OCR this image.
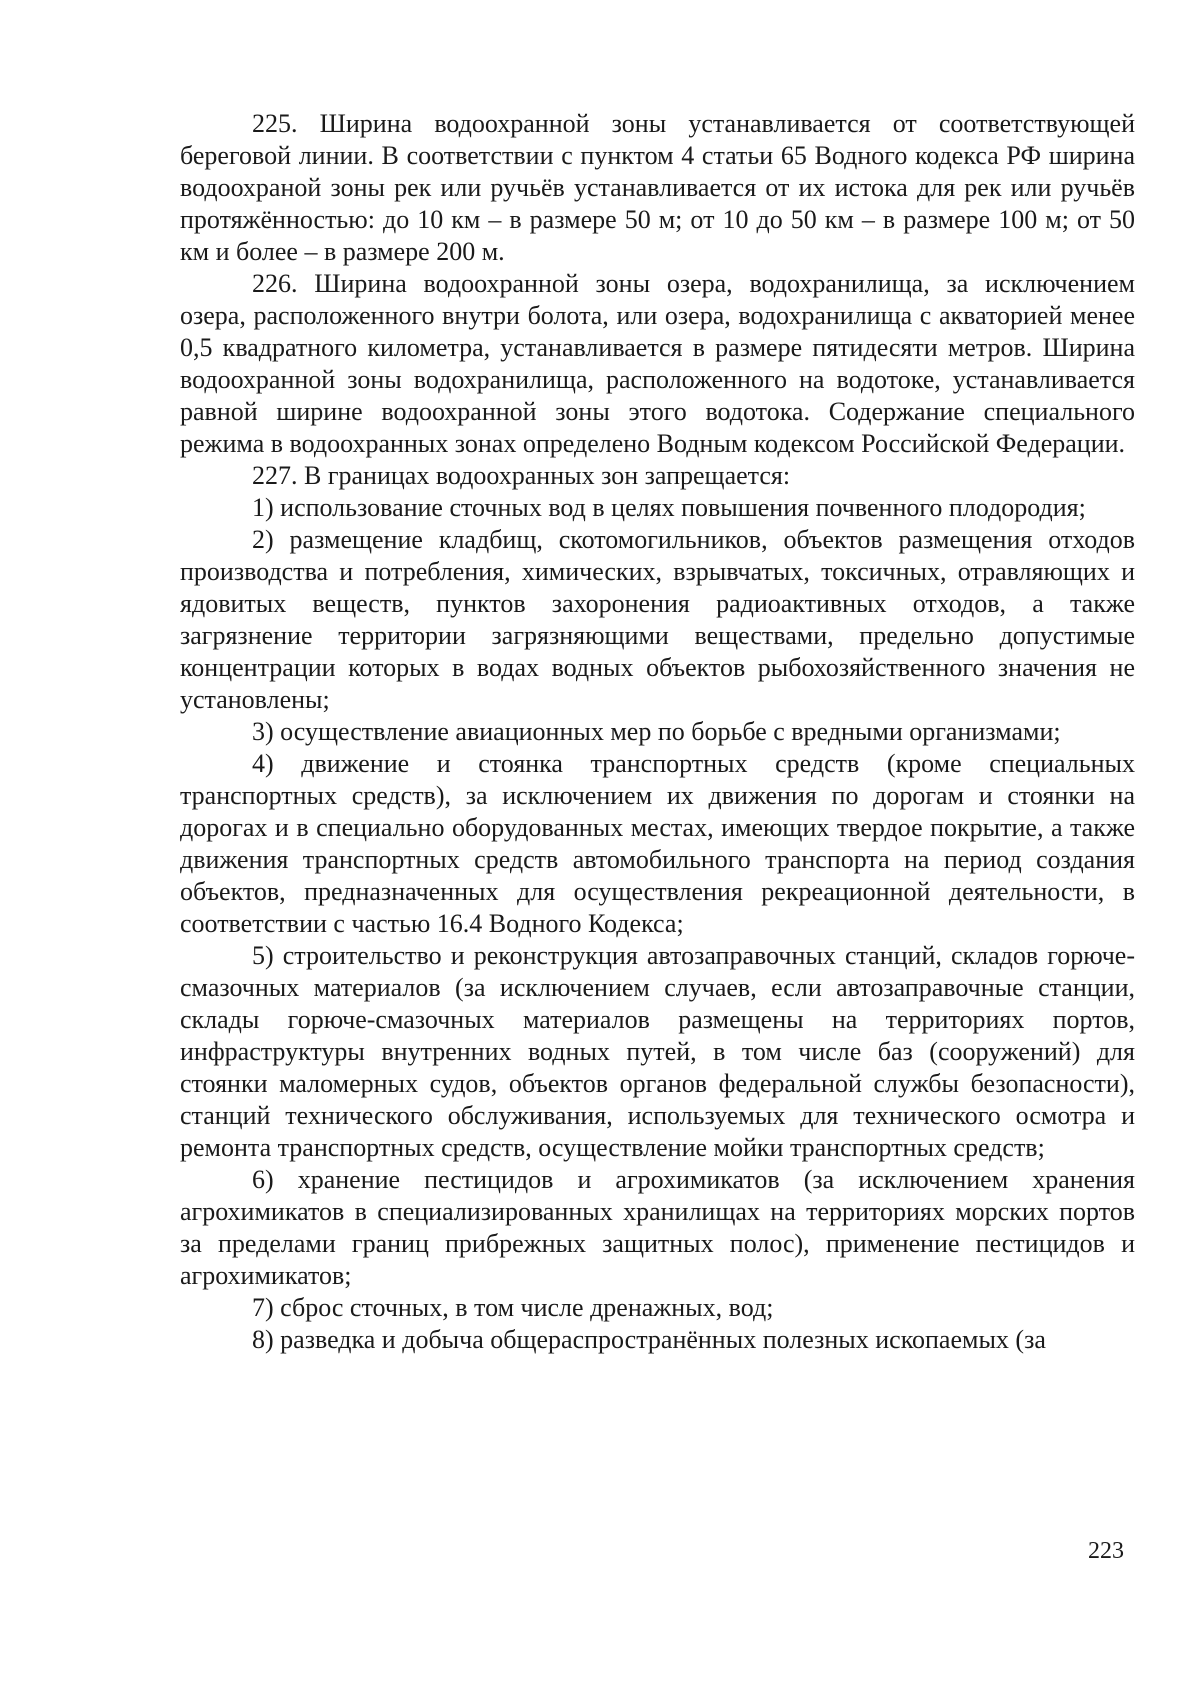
225. Ширина водоохранной зоны устанавливается от соответствующей береговой линии. В соответствии с пунктом 4 статьи 65 Водного кодекса РФ ширина водоохраной зоны рек или ручьёв устанавливается от их истока для рек или ручьёв протяжённостью: до 10 км – в размере 50 м; от 10 до 50 км – в размере 100 м; от 50 км и более – в размере 200 м.

226. Ширина водоохранной зоны озера, водохранилища, за исключением озера, расположенного внутри болота, или озера, водохранилища с акваторией менее 0,5 квадратного километра, устанавливается в размере пятидесяти метров. Ширина водоохранной зоны водохранилища, расположенного на водотоке, устанавливается равной ширине водоохранной зоны этого водотока. Содержание специального режима в водоохранных зонах определено Водным кодексом Российской Федерации.

227. В границах водоохранных зон запрещается:

1) использование сточных вод в целях повышения почвенного плодородия;

2) размещение кладбищ, скотомогильников, объектов размещения отходов производства и потребления, химических, взрывчатых, токсичных, отравляющих и ядовитых веществ, пунктов захоронения радиоактивных отходов, а также загрязнение территории загрязняющими веществами, предельно допустимые концентрации которых в водах водных объектов рыбохозяйственного значения не установлены;

3) осуществление авиационных мер по борьбе с вредными организмами;

4) движение и стоянка транспортных средств (кроме специальных транспортных средств), за исключением их движения по дорогам и стоянки на дорогах и в специально оборудованных местах, имеющих твердое покрытие, а также движения транспортных средств автомобильного транспорта на период создания объектов, предназначенных для осуществления рекреационной деятельности, в соответствии с частью 16.4 Водного Кодекса;

5) строительство и реконструкция автозаправочных станций, складов горюче-смазочных материалов (за исключением случаев, если автозаправочные станции, склады горюче-смазочных материалов размещены на территориях портов, инфраструктуры внутренних водных путей, в том числе баз (сооружений) для стоянки маломерных судов, объектов органов федеральной службы безопасности), станций технического обслуживания, используемых для технического осмотра и ремонта транспортных средств, осуществление мойки транспортных средств;

6) хранение пестицидов и агрохимикатов (за исключением хранения агрохимикатов в специализированных хранилищах на территориях морских портов за пределами границ прибрежных защитных полос), применение пестицидов и агрохимикатов;

7) сброс сточных, в том числе дренажных, вод;

8) разведка и добыча общераспространённых полезных ископаемых (за

223
